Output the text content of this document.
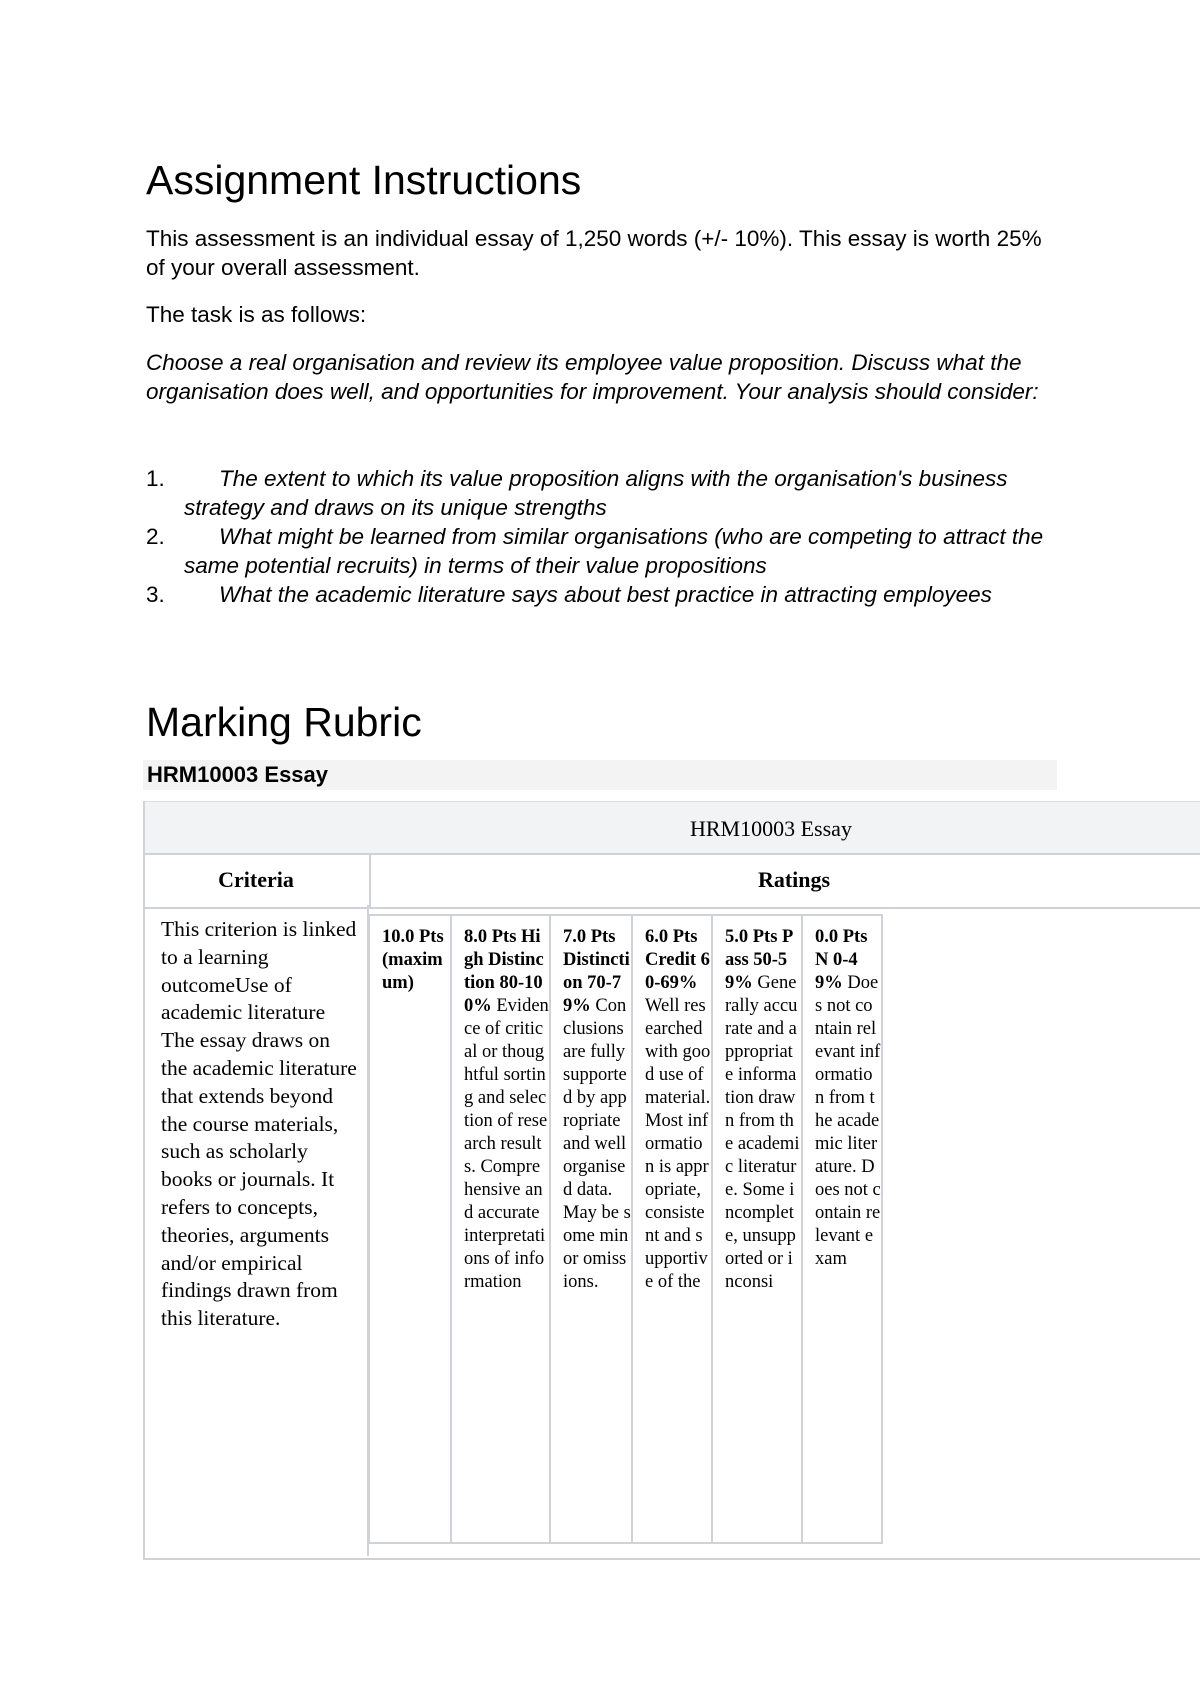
Assignment Instructions

This assessment is an individual essay of 1,250 words (+/- 10%). This essay is worth 25% of your overall assessment.

The task is as follows:

Choose a real organisation and review its employee value proposition. Discuss what the organisation does well, and opportunities for improvement. Your analysis should consider:

1. The extent to which its value proposition aligns with the organisation's business strategy and draws on its unique strengths
2. What might be learned from similar organisations (who are competing to attract the same potential recruits) in terms of their value propositions
3. What the academic literature says about best practice in attracting employees
Marking Rubric
HRM10003 Essay
HRM10003 Essay
Criteria	Ratings

This criterion is linked to a learning outcomeUse of academic literature The essay draws on the academic literature that extends beyond the course materials, such as scholarly books or journals. It refers to concepts, theories, arguments and/or empirical findings drawn from this literature.

10.0 Pts (maximum)
8.0 Pts High Distinction 80-100% Evidence of critical or thoughtful sorting and selection of research results. Comprehensive and accurate interpretations of information
7.0 Pts Distinction 70-79% Conclusions are fully supported by appropriate and well organised data. May be some minor omissions.
6.0 Pts Credit 60-69% Well researched with good use of material. Most information is appropriate, consistent and supportive of the
5.0 Pts Pass 50-59% Generally accurate and appropriate information drawn from the academic literature. Some incomplete, unsupported or inconsi
0.0 Pts N 0-49% Does not contain relevant information from the academic literature. Does not contain relevant exam
